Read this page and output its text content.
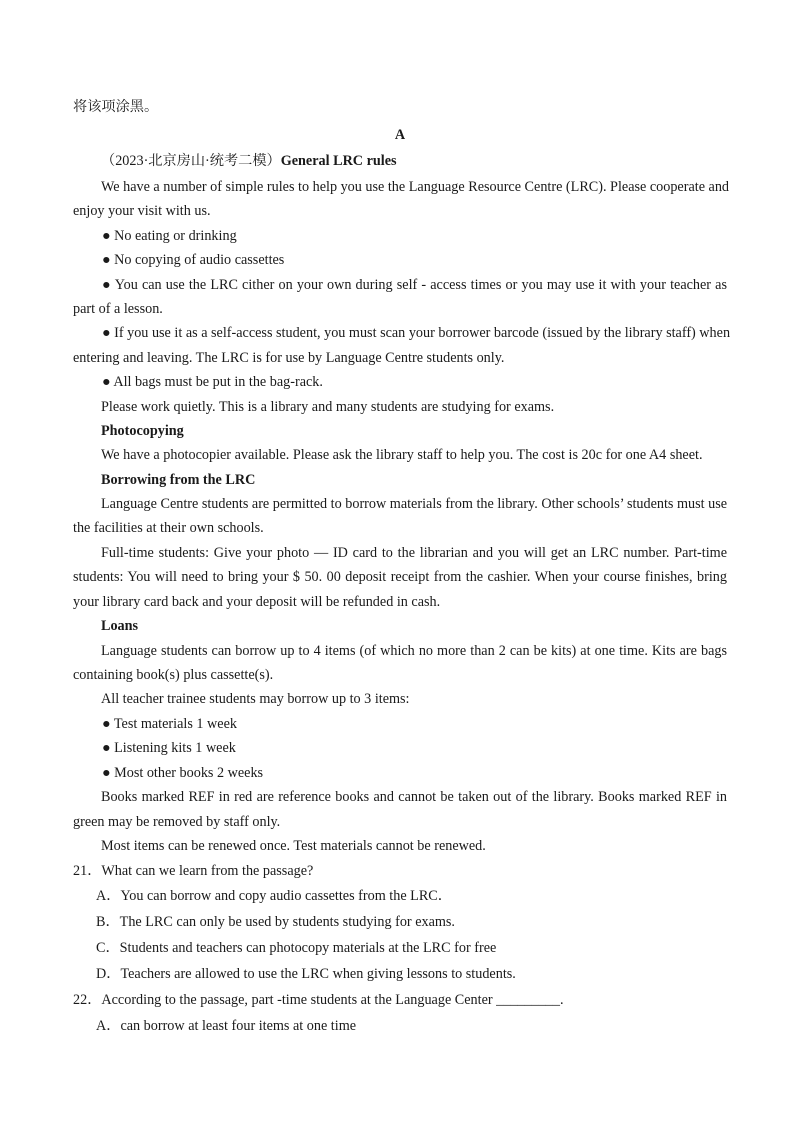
将该项涂黑。
A
（2023·北京房山·统考二模）General LRC rules
We have a number of simple rules to help you use the Language Resource Centre (LRC). Please cooperate and
enjoy your visit with us.
● No eating or drinking
● No copying of audio cassettes
● You can use the LRC cither on your own during self - access times or you may use it with your teacher as
part of a lesson.
● If you use it as a self-access student, you must scan your borrower barcode (issued by the library staff) when
entering and leaving. The LRC is for use by Language Centre students only.
● All bags must be put in the bag-rack.
Please work quietly. This is a library and many students are studying for exams.
Photocopying
We have a photocopier available. Please ask the library staff to help you. The cost is 20c for one A4 sheet.
Borrowing from the LRC
Language Centre students are permitted to borrow materials from the library. Other schools’ students must use
the facilities at their own schools.
Full-time students: Give your photo — ID card to the librarian and you will get an LRC number. Part-time
students: You will need to bring your $ 50. 00 deposit receipt from the cashier. When your course finishes, bring
your library card back and your deposit will be refunded in cash.
Loans
Language students can borrow up to 4 items (of which no more than 2 can be kits) at one time. Kits are bags
containing book(s) plus cassette(s).
All teacher trainee students may borrow up to 3 items:
● Test materials 1 week
● Listening kits 1 week
● Most other books 2 weeks
Books marked REF in red are reference books and cannot be taken out of the library. Books marked REF in
green may be removed by staff only.
Most items can be renewed once. Test materials cannot be renewed.
21．What can we learn from the passage?
A．You can borrow and copy audio cassettes from the LRC．
B．The LRC can only be used by students studying for exams.
C．Students and teachers can photocopy materials at the LRC for free
D．Teachers are allowed to use the LRC when giving lessons to students.
22．According to the passage, part -time students at the Language Center _________.
A．can borrow at least four items at one time
